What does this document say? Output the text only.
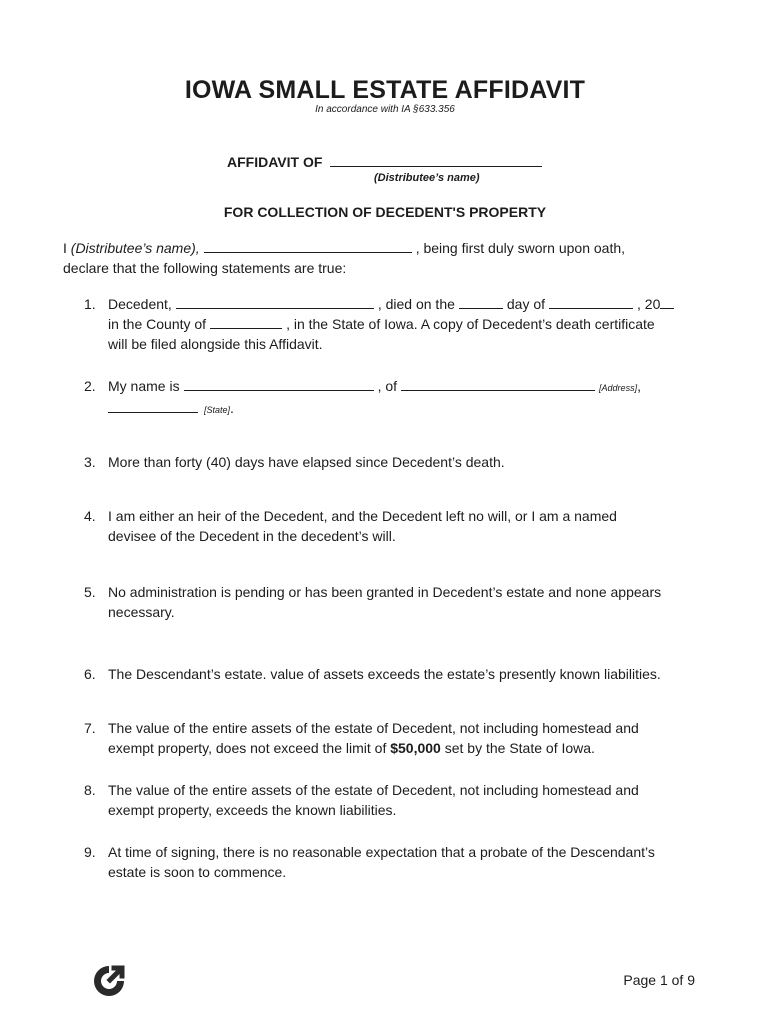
IOWA SMALL ESTATE AFFIDAVIT
In accordance with IA §633.356
AFFIDAVIT OF
(Distributee’s name)
FOR COLLECTION OF DECEDENT'S PROPERTY
I (Distributee’s name),	, being first duly sworn upon oath,
declare that the following statements are true:
1. Decedent,	, died on the	day of	, 20
in the County of	, in the State of Iowa. A copy of Decedent’s death certificate
will be filed alongside this Affidavit.
2. My name is	, of	[Address],
[State].
3. More than forty (40) days have elapsed since Decedent’s death.
4. I am either an heir of the Decedent, and the Decedent left no will, or I am a named
devisee of the Decedent in the decedent’s will.
5. No administration is pending or has been granted in Decedent’s estate and none appears
necessary.
6. The Descendant’s estate. value of assets exceeds the estate’s presently known liabilities.
7. The value of the entire assets of the estate of Decedent, not including homestead and
exempt property, does not exceed the limit of $50,000 set by the State of Iowa.
8. The value of the entire assets of the estate of Decedent, not including homestead and
exempt property, exceeds the known liabilities.
9. At time of signing, there is no reasonable expectation that a probate of the Descendant’s
estate is soon to commence.
Page 1 of 9
